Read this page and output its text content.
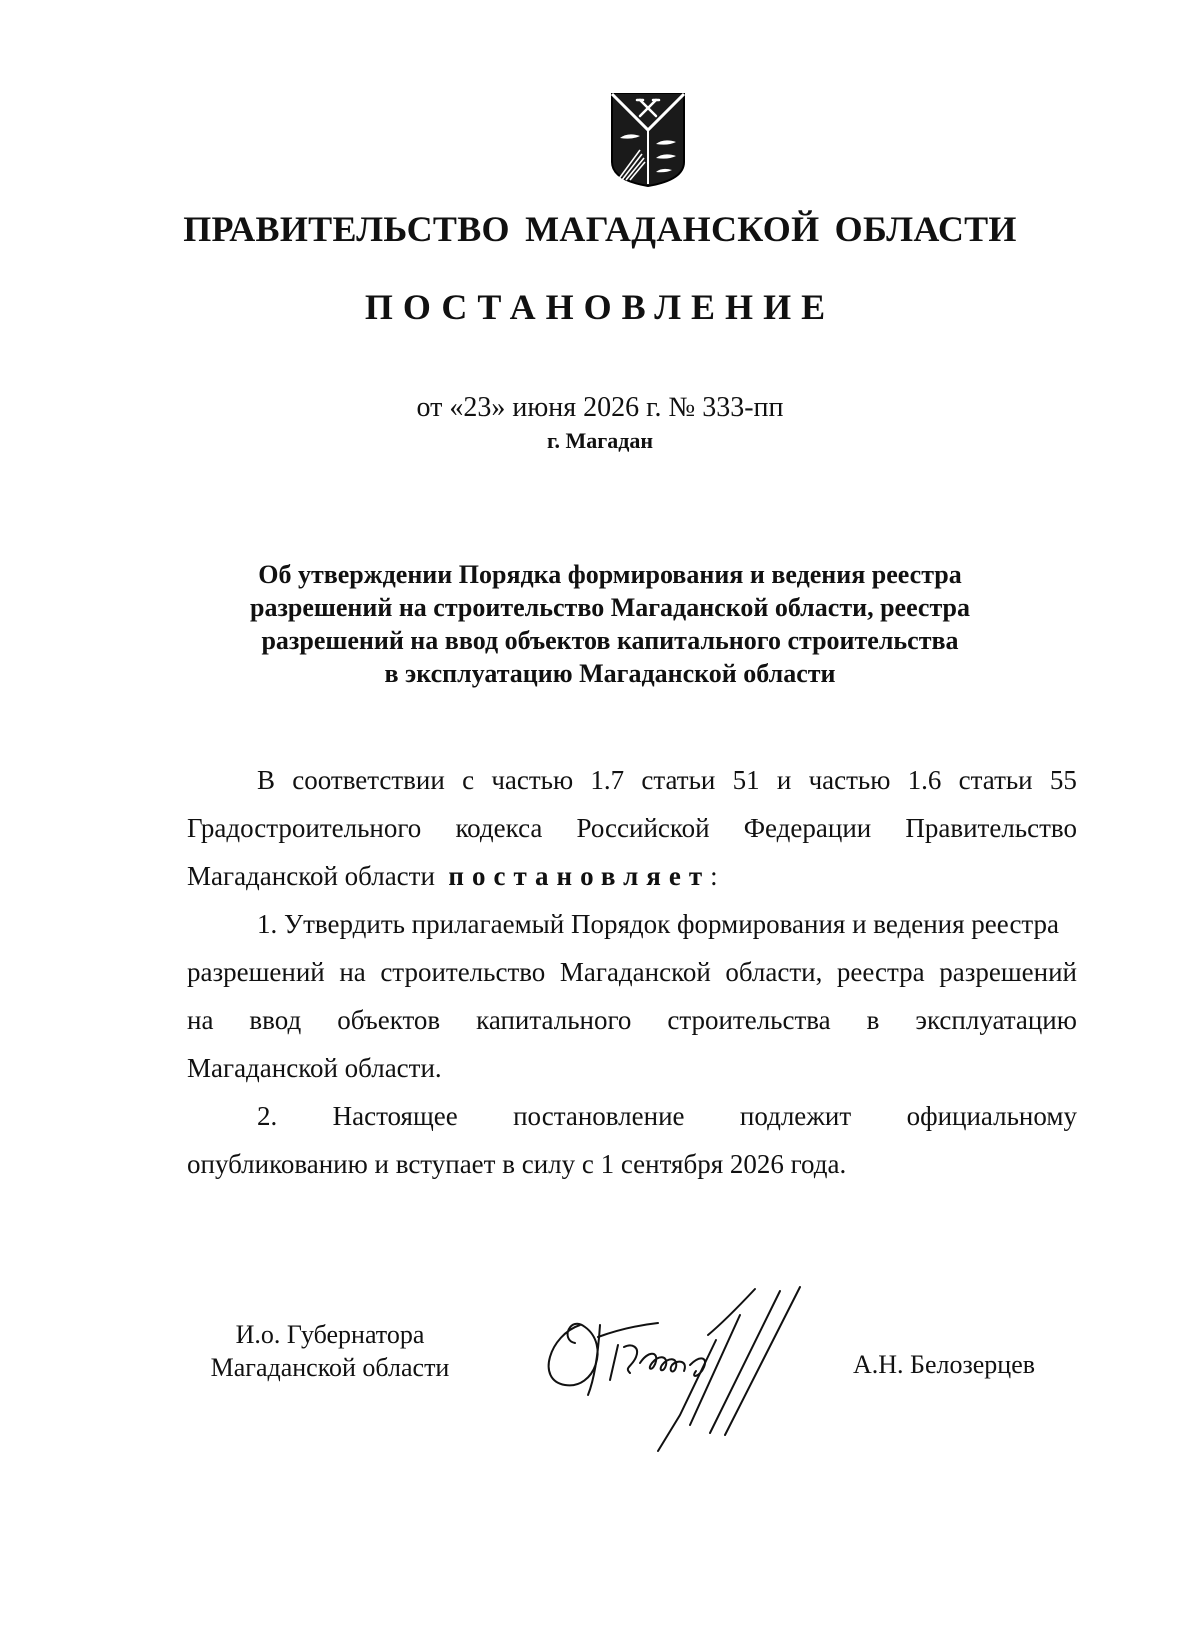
ПРАВИТЕЛЬСТВО МАГАДАНСКОЙ ОБЛАСТИ
ПОСТАНОВЛЕНИЕ
от «23» июня 2026 г. № 333-пп
г. Магадан
Об утверждении Порядка формирования и ведения реестра
разрешений на строительство Магаданской области, реестра
разрешений на ввод объектов капитального строительства
в эксплуатацию Магаданской области
В соответствии с частью 1.7 статьи 51 и частью 1.6 статьи 55
Градостроительного кодекса Российской Федерации Правительство
Магаданской области
постановляет :
1. Утвердить прилагаемый Порядок формирования и ведения реестра
разрешений на строительство Магаданской области, реестра разрешений
на ввод объектов капитального строительства в эксплуатацию
Магаданской области.
2. Настоящее постановление подлежит официальному
опубликованию и вступает в силу с 1 сентября 2026 года.
И.о. Губернатора
Магаданской области	А.Н. Белозерцев
